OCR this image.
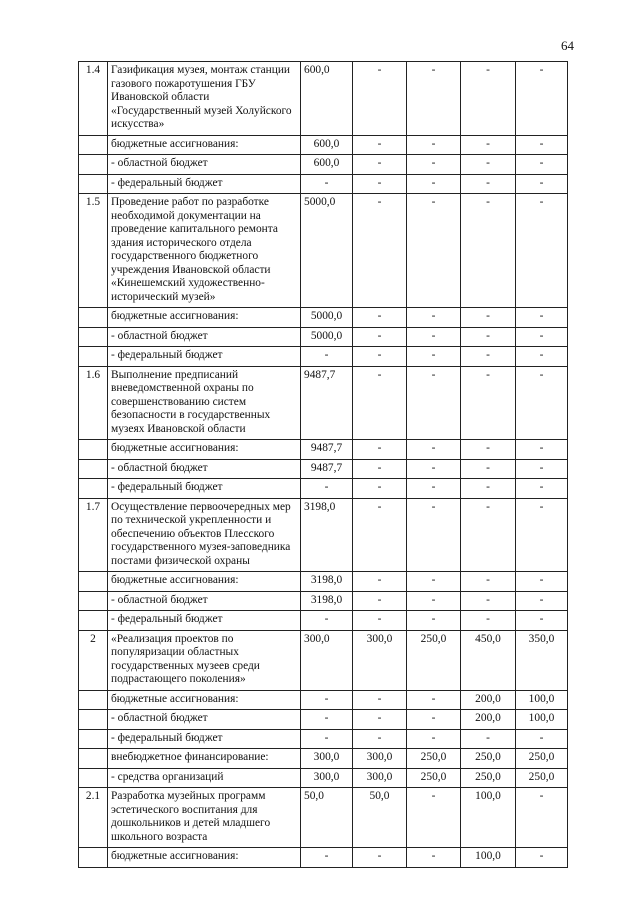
64
1.4	Газификация музея, монтаж станции газового пожаротушения ГБУ Ивановской области «Государственный музей Холуйского искусства»	600,0	-	-	-	-
	бюджетные ассигнования:	600,0	-	-	-	-
	- областной бюджет	600,0	-	-	-	-
	- федеральный бюджет	-	-	-	-	-
1.5	Проведение работ по разработке необходимой документации на проведение капитального ремонта здания исторического отдела государственного бюджетного учреждения Ивановской области «Кинешемский художественно-исторический музей»	5000,0	-	-	-	-
	бюджетные ассигнования:	5000,0	-	-	-	-
	- областной бюджет	5000,0	-	-	-	-
	- федеральный бюджет	-	-	-	-	-
1.6	Выполнение предписаний вневедомственной охраны по совершенствованию систем безопасности в государственных музеях Ивановской области	9487,7	-	-	-	-
	бюджетные ассигнования:	9487,7	-	-	-	-
	- областной бюджет	9487,7	-	-	-	-
	- федеральный бюджет	-	-	-	-	-
1.7	Осуществление первоочередных мер по технической укрепленности и обеспечению объектов Плесского государственного музея-заповедника постами физической охраны	3198,0	-	-	-	-
	бюджетные ассигнования:	3198,0	-	-	-	-
	- областной бюджет	3198,0	-	-	-	-
	- федеральный бюджет	-	-	-	-	-
2	«Реализация проектов по популяризации областных государственных музеев среди подрастающего поколения»	300,0	300,0	250,0	450,0	350,0
	бюджетные ассигнования:	-	-	-	200,0	100,0
	- областной бюджет	-	-	-	200,0	100,0
	- федеральный бюджет	-	-	-	-	-
	внебюджетное финансирование:	300,0	300,0	250,0	250,0	250,0
	- средства организаций	300,0	300,0	250,0	250,0	250,0
2.1	Разработка музейных программ эстетического воспитания для дошкольников и детей младшего школьного возраста	50,0	50,0	-	100,0	-
	бюджетные ассигнования:	-	-	-	100,0	-
